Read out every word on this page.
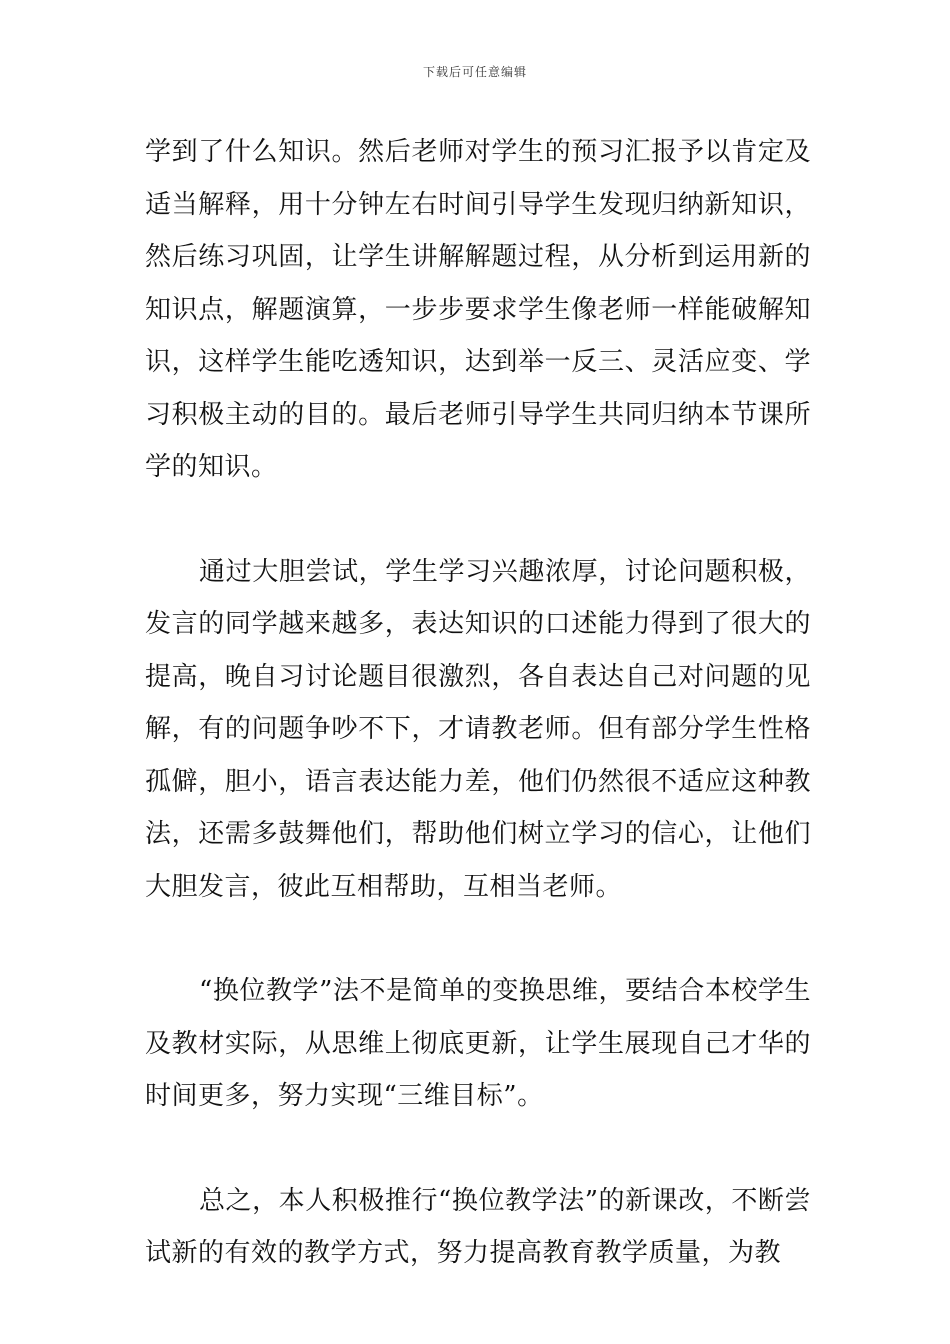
下载后可任意编辑

学到了什么知识。然后老师对学生的预习汇报予以肯定及适当解释，用十分钟左右时间引导学生发现归纳新知识，然后练习巩固，让学生讲解解题过程，从分析到运用新的知识点，解题演算，一步步要求学生像老师一样能破解知识，这样学生能吃透知识，达到举一反三、灵活应变、学习积极主动的目的。最后老师引导学生共同归纳本节课所学的知识。

通过大胆尝试，学生学习兴趣浓厚，讨论问题积极，发言的同学越来越多，表达知识的口述能力得到了很大的提高，晚自习讨论题目很激烈，各自表达自己对问题的见解，有的问题争吵不下，才请教老师。但有部分学生性格孤僻，胆小，语言表达能力差，他们仍然很不适应这种教法，还需多鼓舞他们，帮助他们树立学习的信心，让他们大胆发言，彼此互相帮助，互相当老师。

“换位教学”法不是简单的变换思维，要结合本校学生及教材实际，从思维上彻底更新，让学生展现自己才华的时间更多，努力实现“三维目标”。

总之，本人积极推行“换位教学法”的新课改，不断尝试新的有效的教学方式，努力提高教育教学质量，为教
